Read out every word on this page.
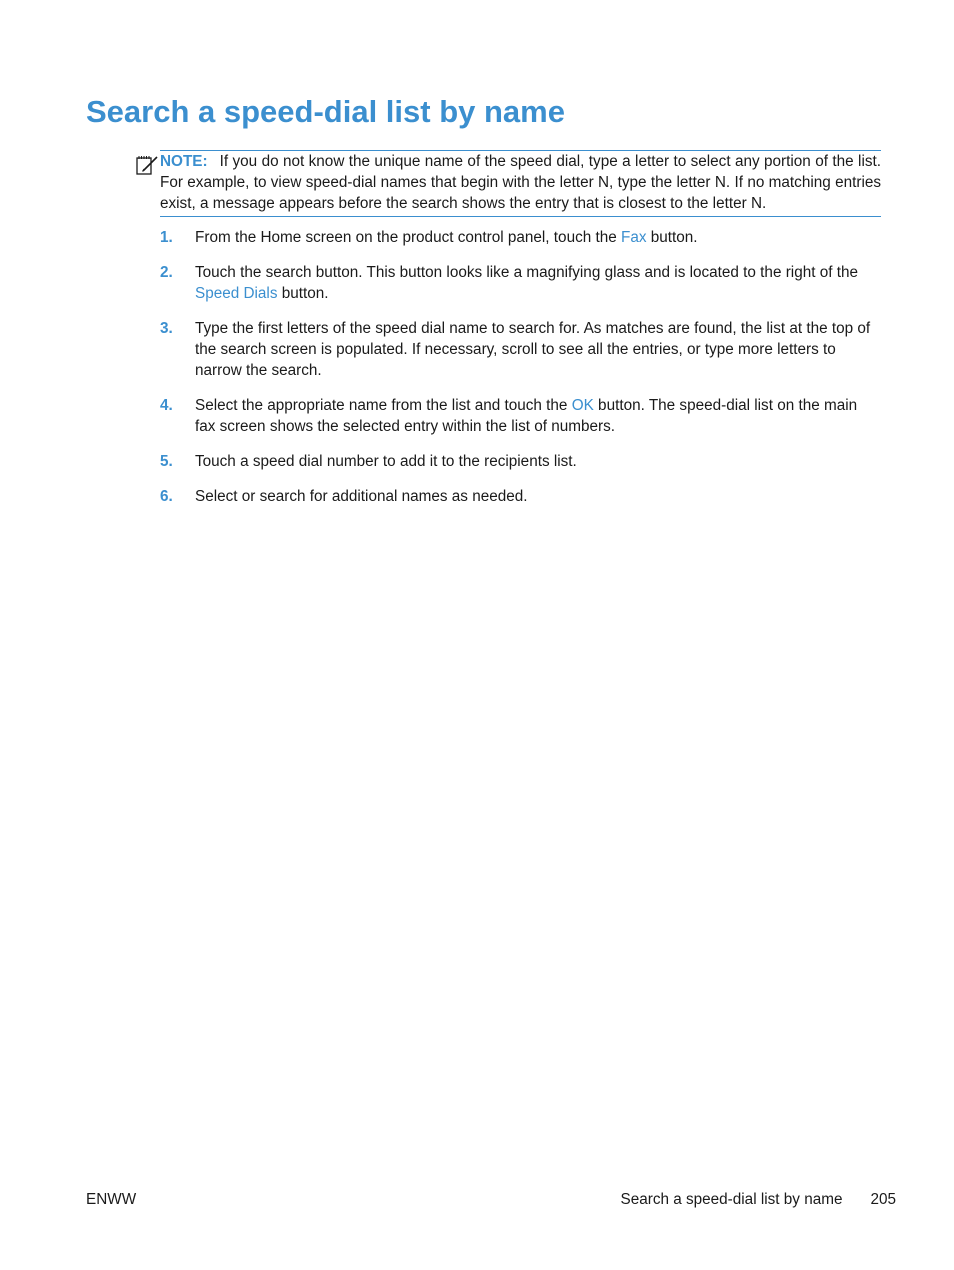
Search a speed-dial list by name
NOTE: If you do not know the unique name of the speed dial, type a letter to select any portion of the list. For example, to view speed-dial names that begin with the letter N, type the letter N. If no matching entries exist, a message appears before the search shows the entry that is closest to the letter N.
1. From the Home screen on the product control panel, touch the Fax button.
2. Touch the search button. This button looks like a magnifying glass and is located to the right of the Speed Dials button.
3. Type the first letters of the speed dial name to search for. As matches are found, the list at the top of the search screen is populated. If necessary, scroll to see all the entries, or type more letters to narrow the search.
4. Select the appropriate name from the list and touch the OK button. The speed-dial list on the main fax screen shows the selected entry within the list of numbers.
5. Touch a speed dial number to add it to the recipients list.
6. Select or search for additional names as needed.
ENWW	Search a speed-dial list by name 205
